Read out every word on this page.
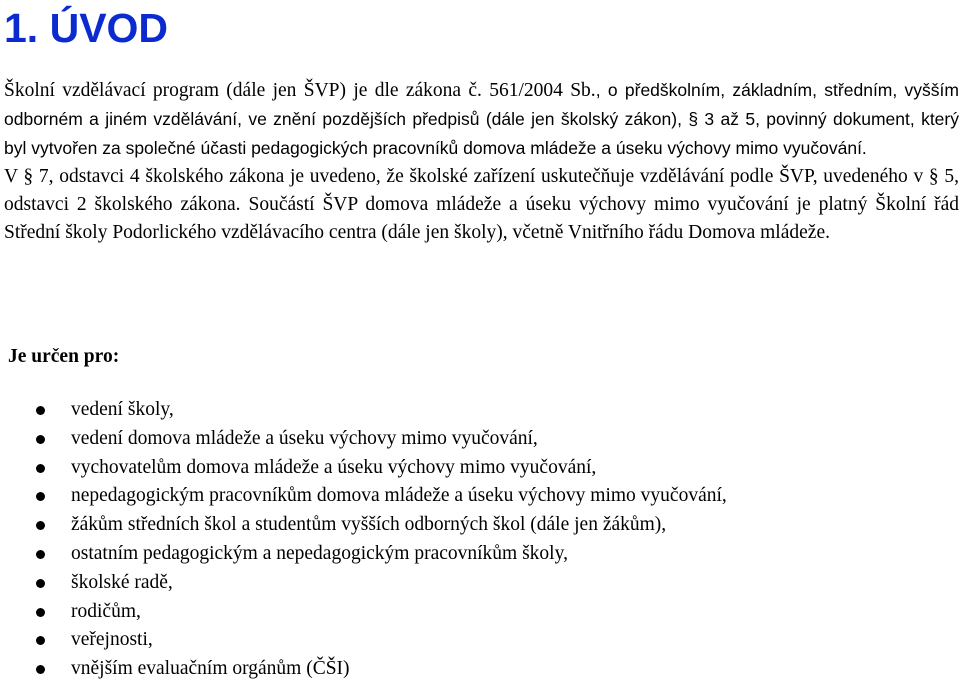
1. ÚVOD

Školní vzdělávací program (dále jen ŠVP) je dle zákona č. 561/2004 Sb., o předškolním, základním, středním, vyšším odborném a jiném vzdělávání, ve znění pozdějších předpisů (dále jen školský zákon), § 3 až 5, povinný dokument, který byl vytvořen za společné účasti pedagogických pracovníků domova mládeže a úseku výchovy mimo vyučování.

V § 7, odstavci 4 školského zákona je uvedeno, že školské zařízení uskutečňuje vzdělávání podle ŠVP, uvedeného v § 5, odstavci 2 školského zákona. Součástí ŠVP domova mládeže a úseku výchovy mimo vyučování je platný Školní řád Střední školy Podorlického vzdělávacího centra (dále jen školy), včetně Vnitřního řádu Domova mládeže.

Je určen pro:
vedení školy,
vedení domova mládeže a úseku výchovy mimo vyučování,
vychovatelům domova mládeže a úseku výchovy mimo vyučování,
nepedagogickým pracovníkům domova mládeže a úseku výchovy mimo vyučování,
žákům středních škol a studentům vyšších odborných škol (dále jen žákům),
ostatním pedagogickým a nepedagogickým pracovníkům školy,
školské radě,
rodičům,
veřejnosti,
vnějším evaluačním orgánům (ČŠI)
